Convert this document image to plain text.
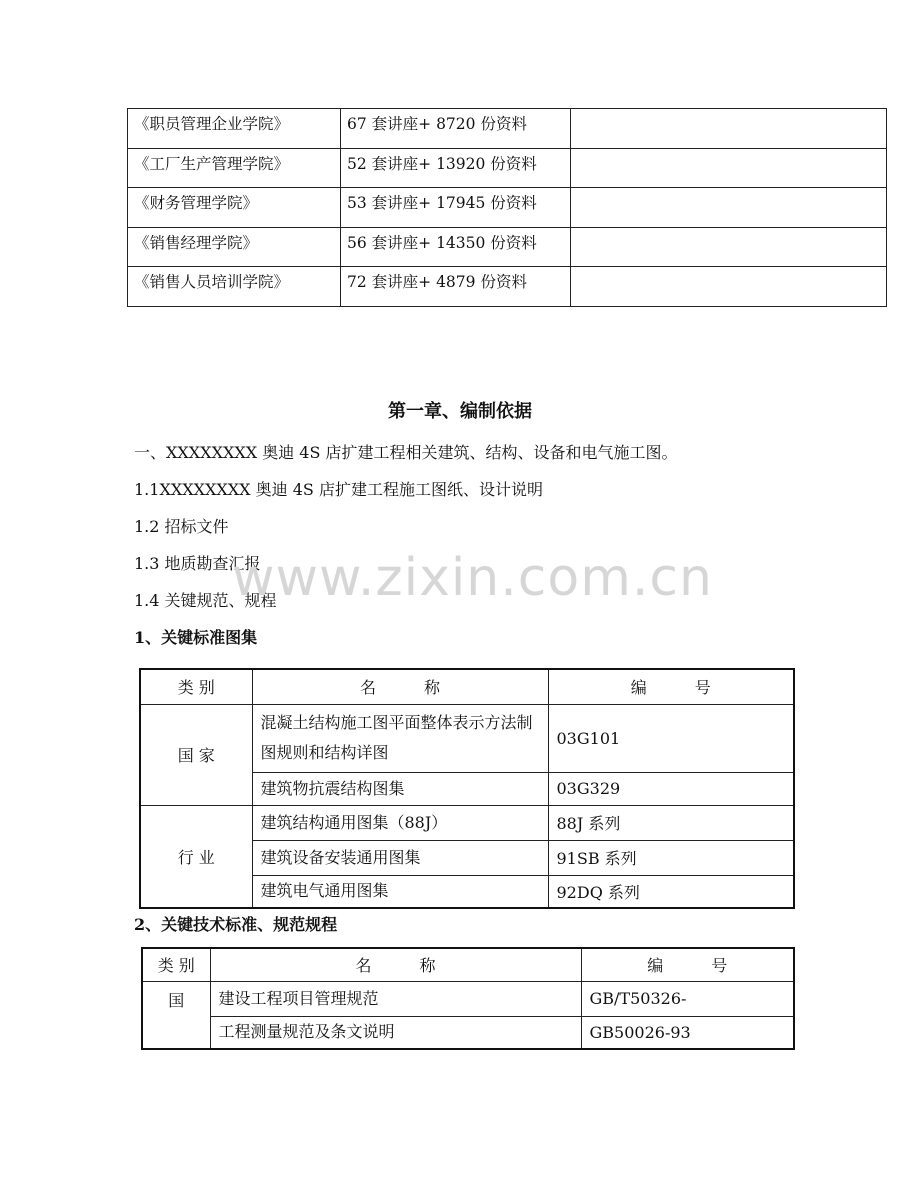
《职员管理企业学院》	67 套讲座+ 8720 份资料	
《工厂生产管理学院》	52 套讲座+ 13920 份资料	
《财务管理学院》	53 套讲座+ 17945 份资料	
《销售经理学院》	56 套讲座+ 14350 份资料	
《销售人员培训学院》	72 套讲座+ 4879 份资料	
第一章、编制依据
一、XXXXXXXX 奥迪 4S 店扩建工程相关建筑、结构、设备和电气施工图。
1.1XXXXXXXX 奥迪 4S 店扩建工程施工图纸、设计说明
1.2 招标文件
1.3 地质勘查汇报
1.4 关键规范、规程
www.zixin.com.cn
1、关键标准图集
类 别	名　　　称	编　　　号
国 家	混凝土结构施工图平面整体表示方法制图规则和结构详图	03G101
	建筑物抗震结构图集	03G329
行 业	建筑结构通用图集（88J）	88J 系列
	建筑设备安装通用图集	91SB 系列
	建筑电气通用图集	92DQ 系列
2、关键技术标准、规范规程
类 别	名　　　称	编　　　号
国	建设工程项目管理规范	GB/T50326-
	工程测量规范及条文说明	GB50026-93
